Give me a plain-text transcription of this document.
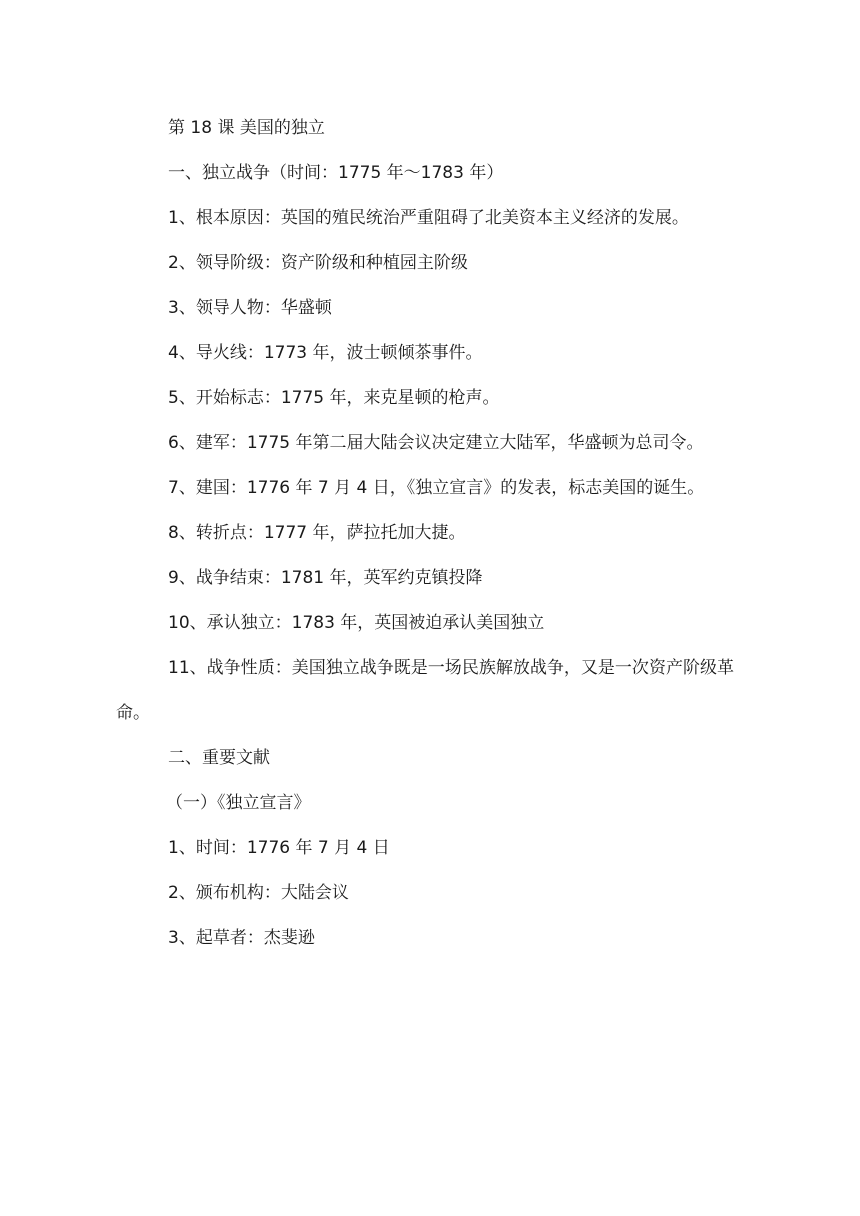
第 18 课 美国的独立

一、独立战争（时间：1775 年～1783 年）

1、根本原因：英国的殖民统治严重阻碍了北美资本主义经济的发展。

2、领导阶级：资产阶级和种植园主阶级

3、领导人物：华盛顿

4、导火线：1773 年，波士顿倾茶事件。

5、开始标志：1775 年，来克星顿的枪声。

6、建军：1775 年第二届大陆会议决定建立大陆军，华盛顿为总司令。

7、建国：1776 年 7 月 4 日，《独立宣言》的发表，标志美国的诞生。

8、转折点：1777 年，萨拉托加大捷。

9、战争结束：1781 年，英军约克镇投降

10、承认独立：1783 年，英国被迫承认美国独立

11、战争性质：美国独立战争既是一场民族解放战争，又是一次资产阶级革命。

二、重要文献

（一）《独立宣言》

1、时间：1776 年 7 月 4 日

2、颁布机构：大陆会议

3、起草者：杰斐逊
